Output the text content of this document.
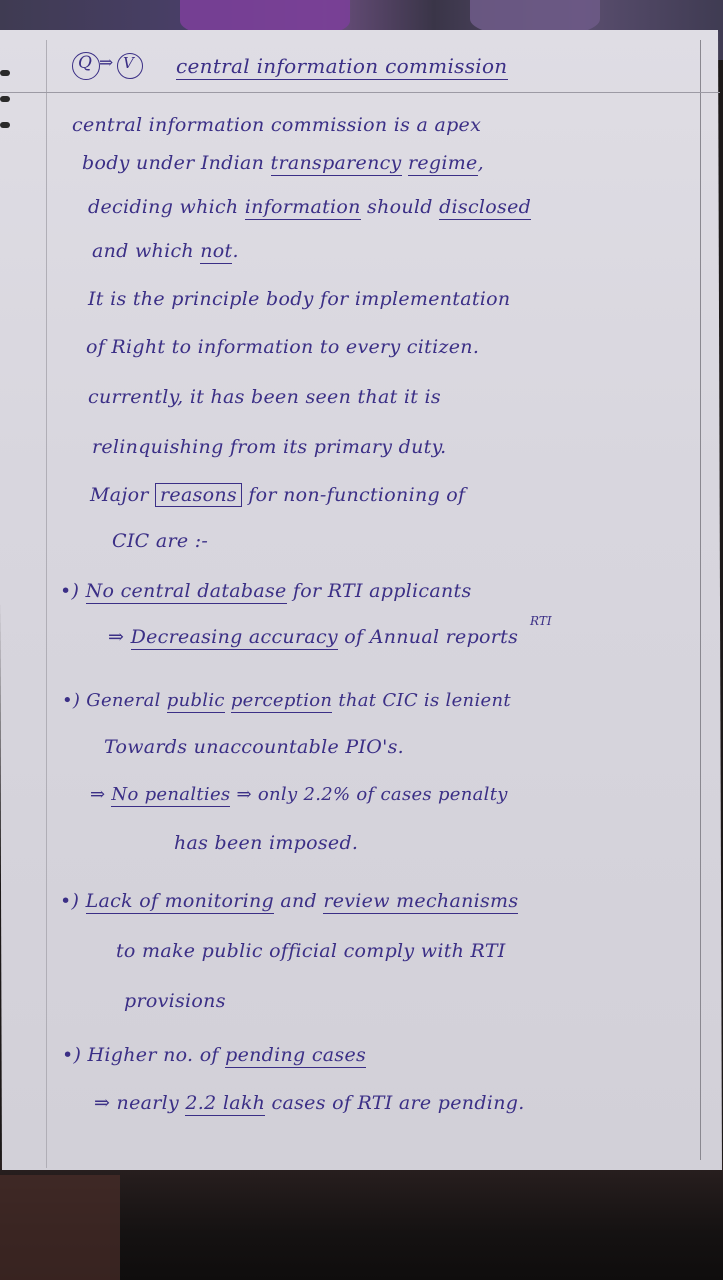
Q ⇒ V central information commission
central information commission is a apex
body under Indian transparency regime,
deciding which information should disclosed
and which not.
It is the principle body for implementation
of Right to information to every citizen.
currently, it has been seen that it is
relinquishing from its primary duty.
Major reasons for non-functioning of
CIC are :-
•) No central database for RTI applicants
RTI
⇒ Decreasing accuracy of Annual reports
•) General public perception that CIC is lenient
Towards unaccountable PIO's.
⇒ No penalties ⇒ only 2.2% of cases penalty
has been imposed.
•) Lack of monitoring and review mechanisms
to make public official comply with RTI
provisions
•) Higher no. of pending cases
⇒ nearly 2.2 lakh cases of RTI are pending.
